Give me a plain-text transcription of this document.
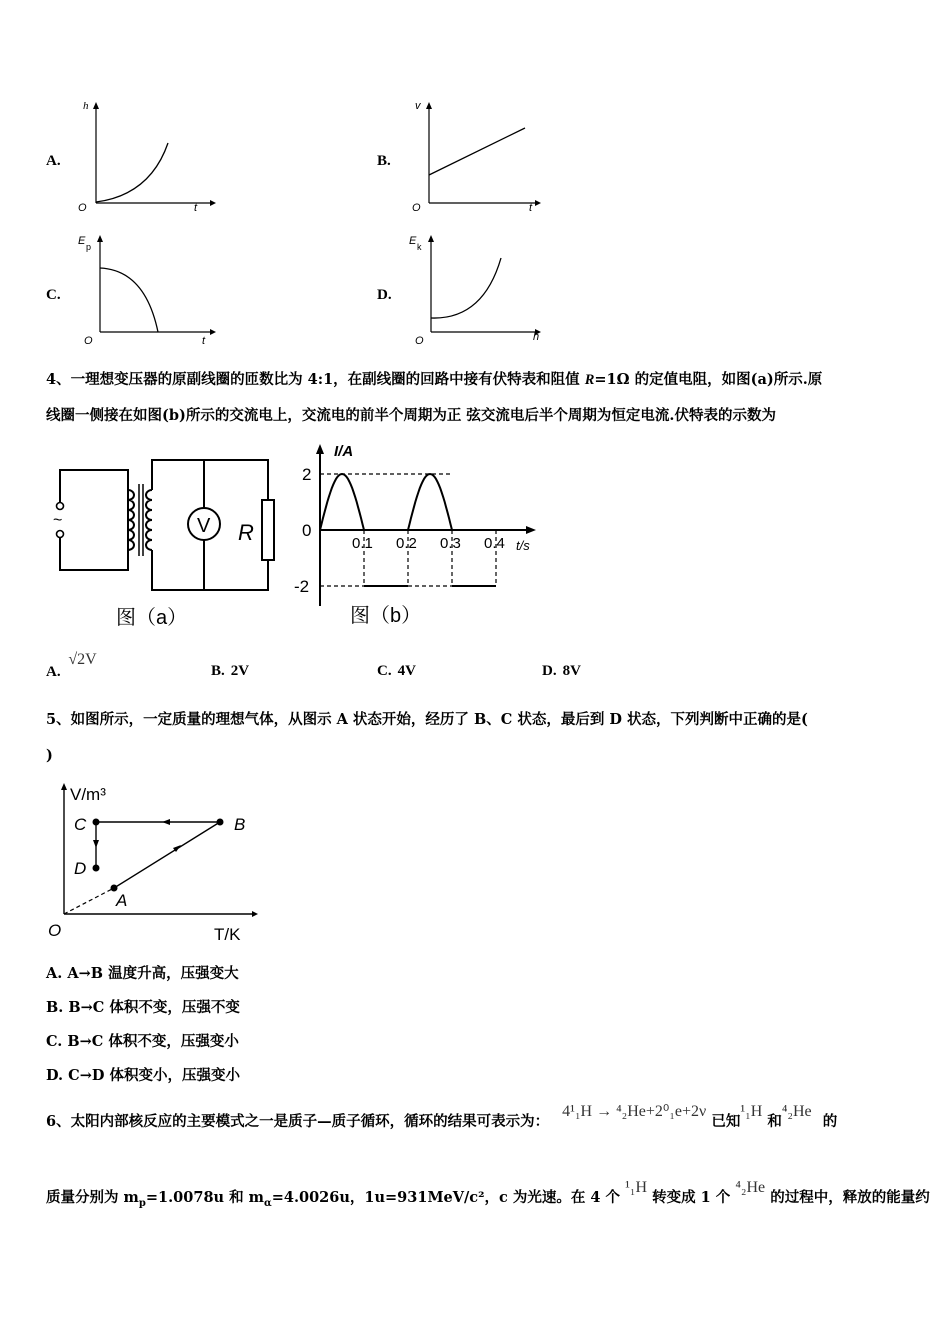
A.
h
t
O
B.
v
t
O
C.
E p
t
O
D.
E k
h
O
4、一理想变压器的原副线圈的匝数比为 4:1，在副线圈的回路中接有伏特表和阻值 R=1Ω 的定值电阻，如图(a)所示.原
线圈一侧接在如图(b)所示的交流电上，交流电的前半个周期为正 弦交流电后半个周期为恒定电流.伏特表的示数为
~	V R
图（a）
I/A
t/s
0.1 0.2 0.3 0.4
2
0
-2
图（b）
A. √2V
B. 2V	C. 4V	D. 8V
5、如图所示，一定质量的理想气体，从图示 A 状态开始，经历了 B、C 状态，最后到 D 状态，下列判断中正确的是(
)
V/m³
T/K
O
A
B
C
D
A. A→B 温度升高，压强变大
B. B→C 体积不变，压强不变
C. B→C 体积不变，压强变小
D. C→D 体积变小，压强变小
6、太阳内部核反应的主要模式之一是质子—质子循环，循环的结果可表示为： 4¹₁H → ⁴₂He+2⁰₁e+2ν 已知¹₁H 和⁴₂He 的
质量分别为 $m_p=1.0078u$ 和 $m_\alpha=4.0026u$，1u=931MeV/c²，c 为光速。在 4 个 ¹₁H 转变成 1 个 ⁴₂He 的过程中，释放的能量约
